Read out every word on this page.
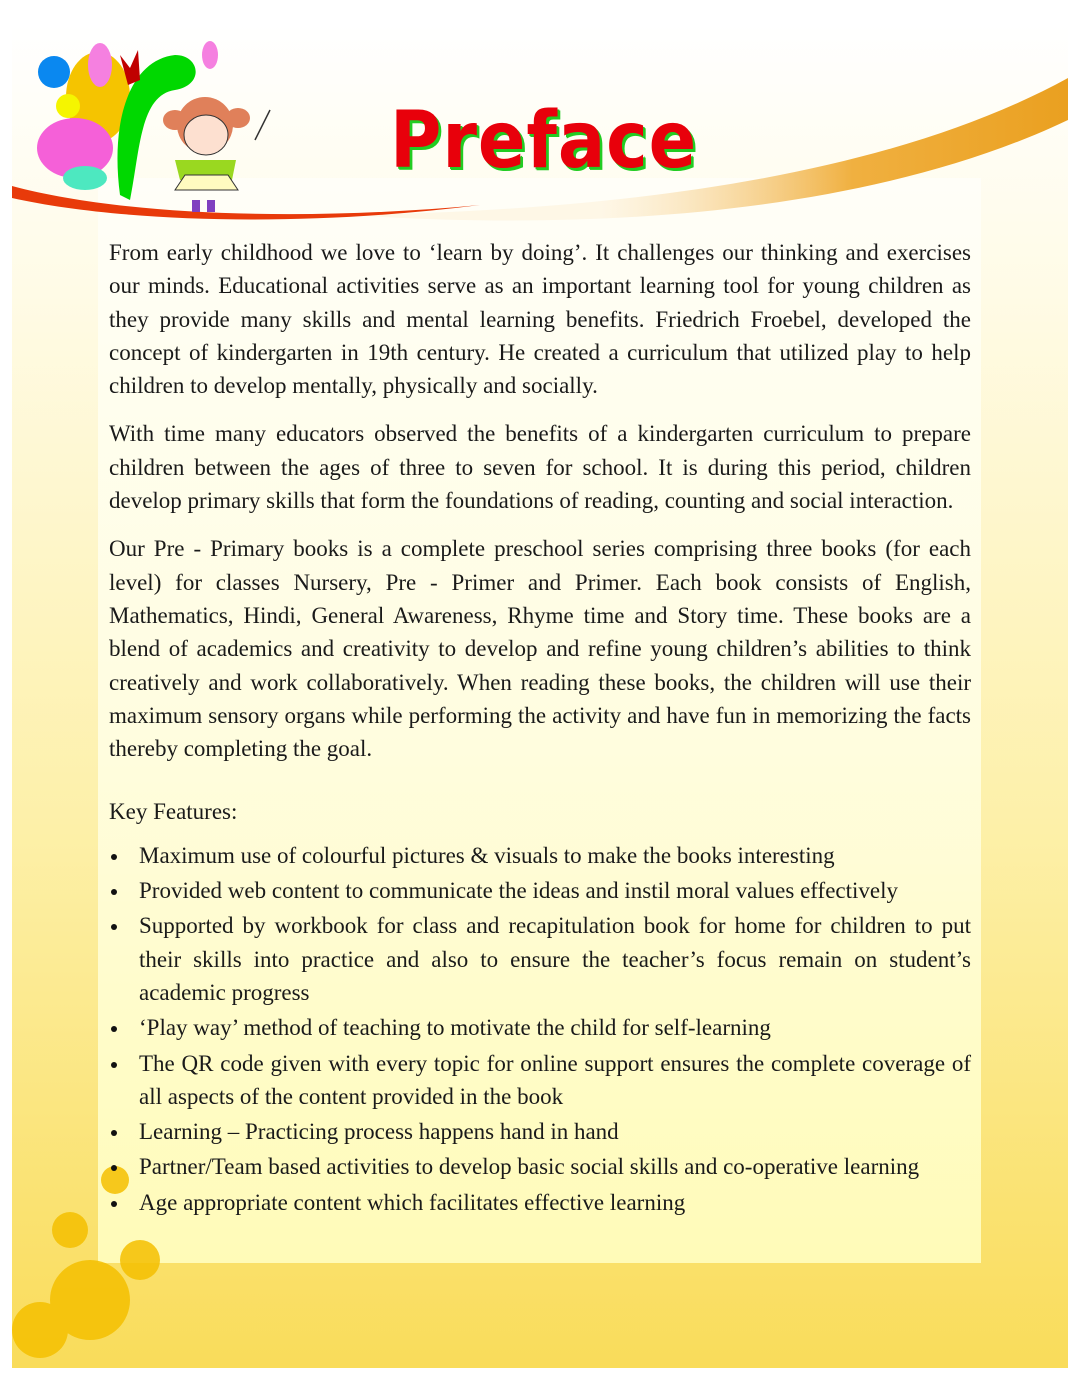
Preface

From early childhood we love to ‘learn by doing’. It challenges our thinking and exercises our minds. Educational activities serve as an important learning tool for young children as they provide many skills and mental learning benefits. Friedrich Froebel, developed the concept of kindergarten in 19th century. He created a curriculum that utilized play to help children to develop mentally, physically and socially.

With time many educators observed the benefits of a kindergarten curriculum to prepare children between the ages of three to seven for school. It is during this period, children develop primary skills that form the foundations of reading, counting and social interaction.

Our Pre - Primary books is a complete preschool series comprising three books (for each level) for classes Nursery, Pre - Primer and Primer. Each book consists of English, Mathematics, Hindi, General Awareness, Rhyme time and Story time. These books are a blend of academics and creativity to develop and refine young children’s abilities to think creatively and work collaboratively. When reading these books, the children will use their maximum sensory organs while performing the activity and have fun in memorizing the facts thereby completing the goal.

Key Features:
Maximum use of colourful pictures & visuals to make the books interesting
Provided web content to communicate the ideas and instil moral values effectively
Supported by workbook for class and recapitulation book for home for children to put their skills into practice and also to ensure the teacher’s focus remain on student’s academic progress
‘Play way’ method of teaching to motivate the child for self-learning
The QR code given with every topic for online support ensures the complete coverage of all aspects of the content provided in the book
Learning – Practicing process happens hand in hand
Partner/Team based activities to develop basic social skills and co-operative learning
Age appropriate content which facilitates effective learning
